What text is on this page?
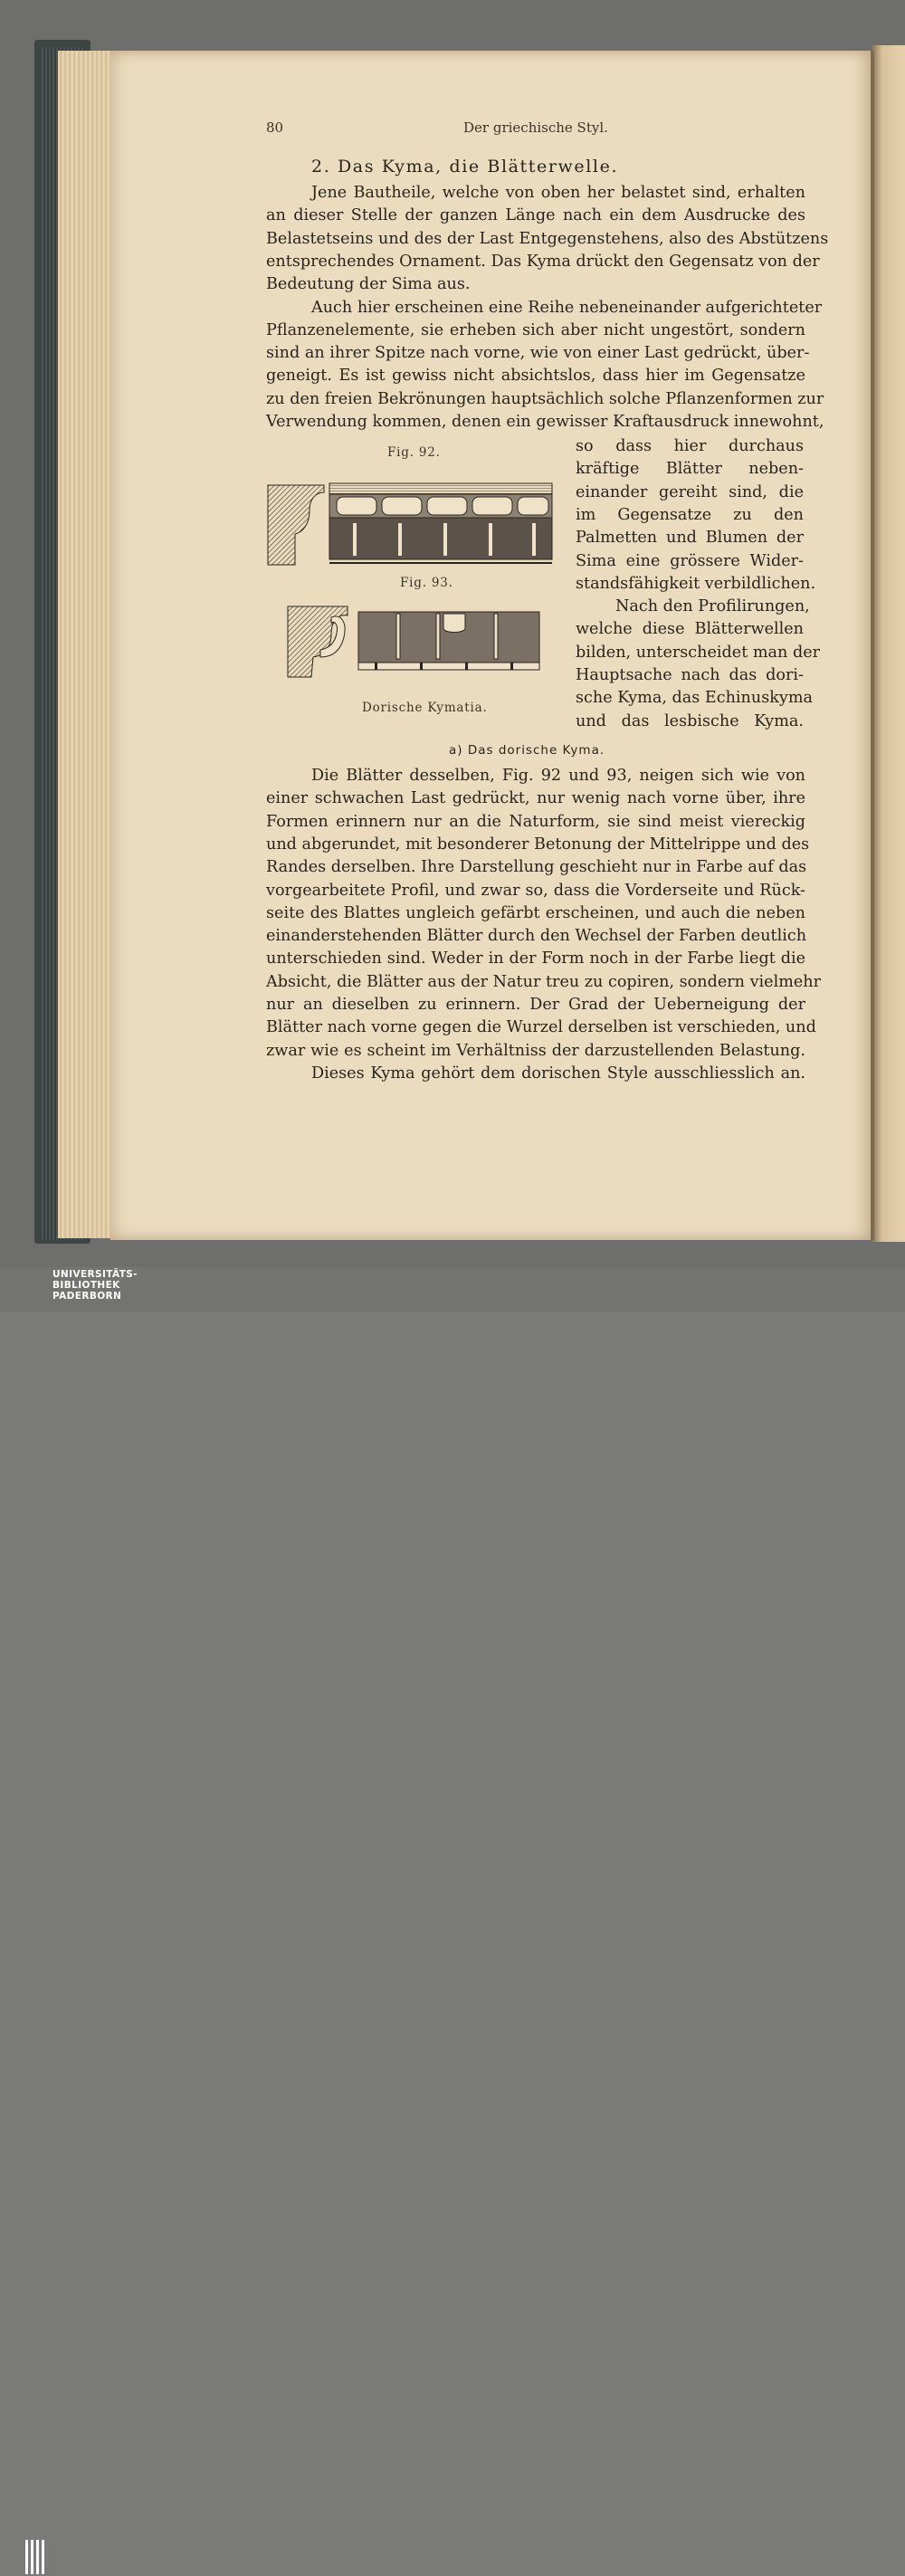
80	Der griechische Styl.
2. Das Kyma, die Blätterwelle.
Jene Bautheile, welche von oben her belastet sind, erhalten
an dieser Stelle der ganzen Länge nach ein dem Ausdrucke des
Belastetseins und des der Last Entgegenstehens, also des Abstützens
entsprechendes Ornament. Das Kyma drückt den Gegensatz von der
Bedeutung der Sima aus.
Auch hier erscheinen eine Reihe nebeneinander aufgerichteter
Pflanzenelemente, sie erheben sich aber nicht ungestört, sondern
sind an ihrer Spitze nach vorne, wie von einer Last gedrückt, über-
geneigt. Es ist gewiss nicht absichtslos, dass hier im Gegensatze
zu den freien Bekrönungen hauptsächlich solche Pflanzenformen zur
Verwendung kommen, denen ein gewisser Kraftausdruck innewohnt,
Fig. 92.
Fig. 93.
Dorische Kymatia.
so dass hier durchaus
kräftige Blätter neben-
einander gereiht sind, die
im Gegensatze zu den
Palmetten und Blumen der
Sima eine grössere Wider-
standsfähigkeit verbildlichen.
Nach den Profilirungen,
welche diese Blätterwellen
bilden, unterscheidet man der
Hauptsache nach das dori-
sche Kyma, das Echinuskyma
und das lesbische Kyma.
a) Das dorische Kyma.
Die Blätter desselben, Fig. 92 und 93, neigen sich wie von
einer schwachen Last gedrückt, nur wenig nach vorne über, ihre
Formen erinnern nur an die Naturform, sie sind meist viereckig
und abgerundet, mit besonderer Betonung der Mittelrippe und des
Randes derselben. Ihre Darstellung geschieht nur in Farbe auf das
vorgearbeitete Profil, und zwar so, dass die Vorderseite und Rück-
seite des Blattes ungleich gefärbt erscheinen, und auch die neben
einanderstehenden Blätter durch den Wechsel der Farben deutlich
unterschieden sind. Weder in der Form noch in der Farbe liegt die
Absicht, die Blätter aus der Natur treu zu copiren, sondern vielmehr
nur an dieselben zu erinnern. Der Grad der Ueberneigung der
Blätter nach vorne gegen die Wurzel derselben ist verschieden, und
zwar wie es scheint im Verhältniss der darzustellenden Belastung.
Dieses Kyma gehört dem dorischen Style ausschliesslich an.
UNIVERSITÄTS-
BIBLIOTHEK
PADERBORN
